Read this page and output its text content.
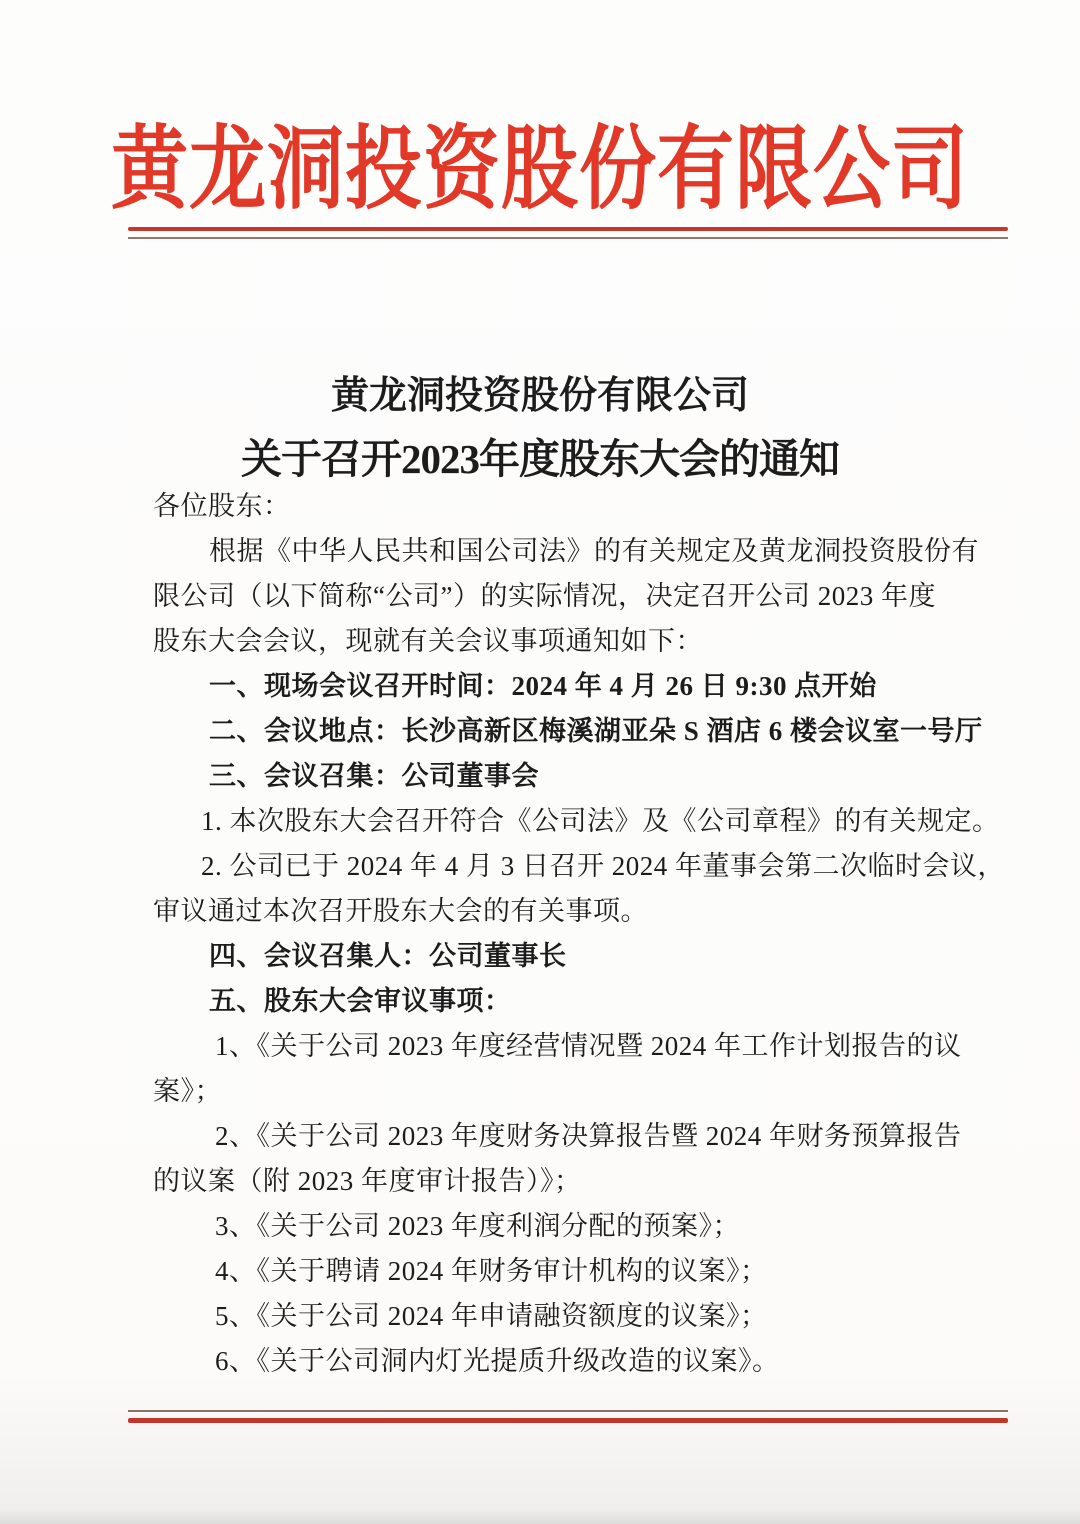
黄龙洞投资股份有限公司
黄龙洞投资股份有限公司
关于召开2023年度股东大会的通知
各位股东：
根据《中华人民共和国公司法》的有关规定及黄龙洞投资股份有
限公司（以下简称“公司”）的实际情况，决定召开公司 2023 年度
股东大会会议，现就有关会议事项通知如下：
一、现场会议召开时间：2024 年 4 月 26 日 9:30 点开始
二、会议地点：长沙高新区梅溪湖亚朵 S 酒店 6 楼会议室一号厅
三、会议召集：公司董事会
1. 本次股东大会召开符合《公司法》及《公司章程》的有关规定。
2. 公司已于 2024 年 4 月 3 日召开 2024 年董事会第二次临时会议，
审议通过本次召开股东大会的有关事项。
四、会议召集人：公司董事长
五、股东大会审议事项：
1、《关于公司 2023 年度经营情况暨 2024 年工作计划报告的议
案》；
2、《关于公司 2023 年度财务决算报告暨 2024 年财务预算报告
的议案（附 2023 年度审计报告）》；
3、《关于公司 2023 年度利润分配的预案》；
4、《关于聘请 2024 年财务审计机构的议案》；
5、《关于公司 2024 年申请融资额度的议案》；
6、《关于公司洞内灯光提质升级改造的议案》。
